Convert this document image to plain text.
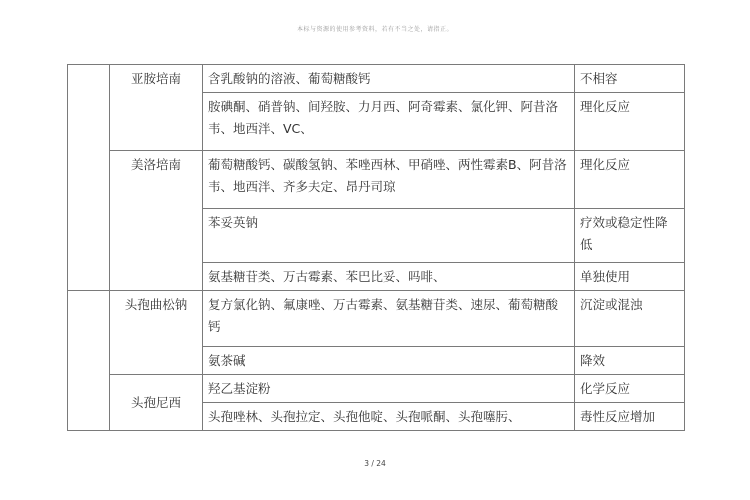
本标与资源的使用参考资料，若有不当之处，请指正。
	亚胺培南	含乳酸钠的溶液、葡萄糖酸钙	不相容
		胺碘酮、硝普钠、间羟胺、力月西、阿奇霉素、氯化钾、阿昔洛韦、地西泮、VC、	理化反应
	美洛培南	葡萄糖酸钙、碳酸氢钠、苯唑西林、甲硝唑、两性霉素B、阿昔洛韦、地西泮、齐多夫定、昂丹司琼	理化反应
		苯妥英钠	疗效或稳定性降低
		氨基糖苷类、万古霉素、苯巴比妥、吗啡、	单独使用
	头孢曲松钠	复方氯化钠、氟康唑、万古霉素、氨基糖苷类、速尿、葡萄糖酸钙	沉淀或混浊
		氨茶碱	降效
	头孢尼西	羟乙基淀粉	化学反应
		头孢唑林、头孢拉定、头孢他啶、头孢哌酮、头孢噻肟、	毒性反应增加
3 / 24
